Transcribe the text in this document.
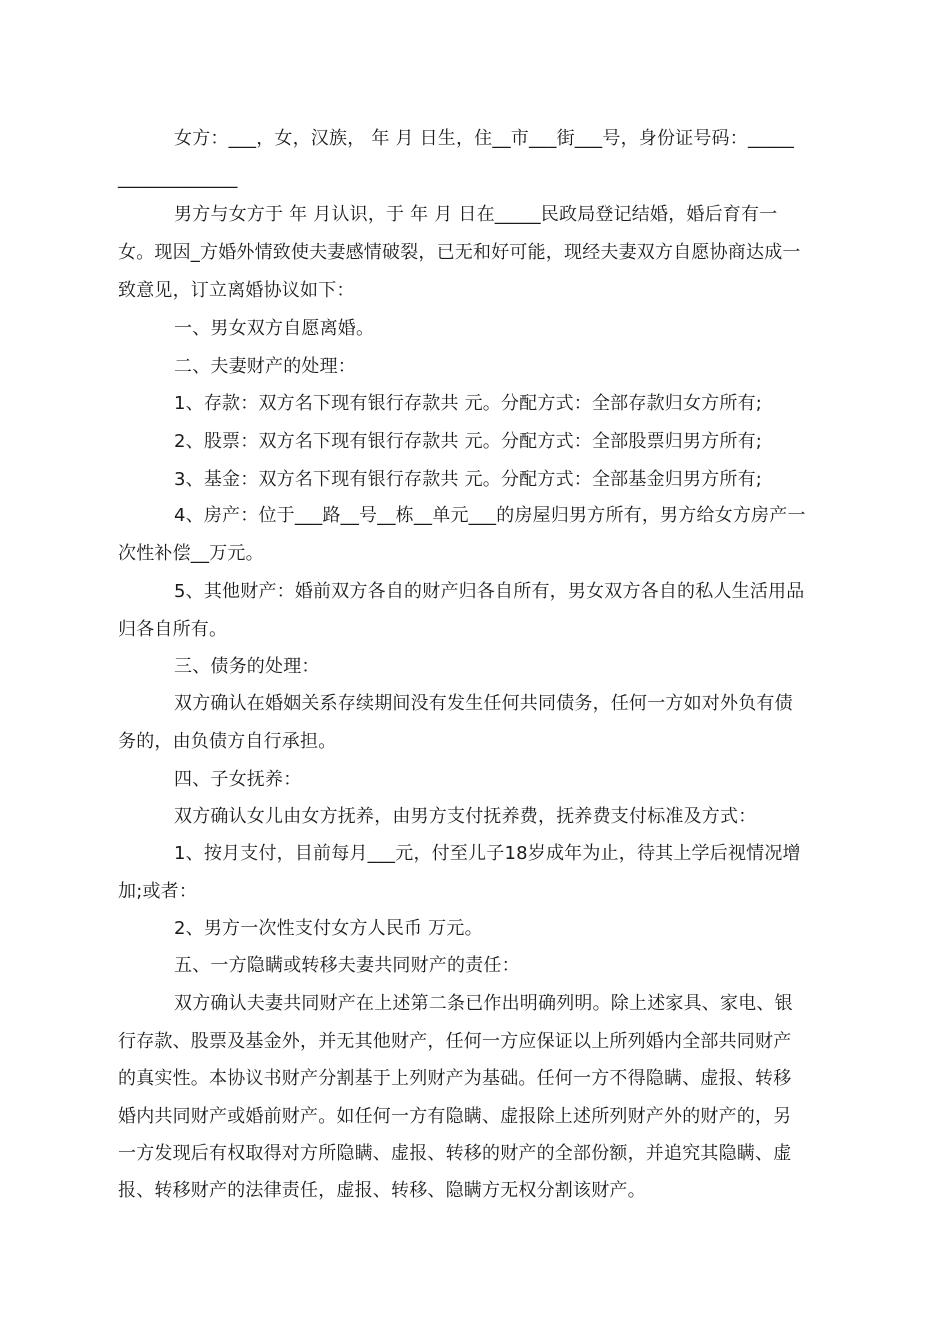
女方：___，女，汉族， 年 月 日生，住__市___街___号，身份证号码：_____
_____________
男方与女方于 年 月认识，于 年 月 日在_____民政局登记结婚，婚后育有一
女。现因_方婚外情致使夫妻感情破裂，已无和好可能，现经夫妻双方自愿协商达成一
致意见，订立离婚协议如下：
一、男女双方自愿离婚。
二、夫妻财产的处理：
1、存款：双方名下现有银行存款共 元。分配方式：全部存款归女方所有;
2、股票：双方名下现有银行存款共 元。分配方式：全部股票归男方所有;
3、基金：双方名下现有银行存款共 元。分配方式：全部基金归男方所有;
4、房产：位于___路__号__栋__单元___的房屋归男方所有，男方给女方房产一
次性补偿__万元。
5、其他财产：婚前双方各自的财产归各自所有，男女双方各自的私人生活用品
归各自所有。
三、债务的处理：
双方确认在婚姻关系存续期间没有发生任何共同债务，任何一方如对外负有债
务的，由负债方自行承担。
四、子女抚养：
双方确认女儿由女方抚养，由男方支付抚养费，抚养费支付标准及方式：
1、按月支付，目前每月___元，付至儿子18岁成年为止，待其上学后视情况增
加;或者：
2、男方一次性支付女方人民币 万元。
五、一方隐瞒或转移夫妻共同财产的责任：
双方确认夫妻共同财产在上述第二条已作出明确列明。除上述家具、家电、银
行存款、股票及基金外，并无其他财产，任何一方应保证以上所列婚内全部共同财产
的真实性。本协议书财产分割基于上列财产为基础。任何一方不得隐瞒、虚报、转移
婚内共同财产或婚前财产。如任何一方有隐瞒、虚报除上述所列财产外的财产的，另
一方发现后有权取得对方所隐瞒、虚报、转移的财产的全部份额，并追究其隐瞒、虚
报、转移财产的法律责任，虚报、转移、隐瞒方无权分割该财产。
